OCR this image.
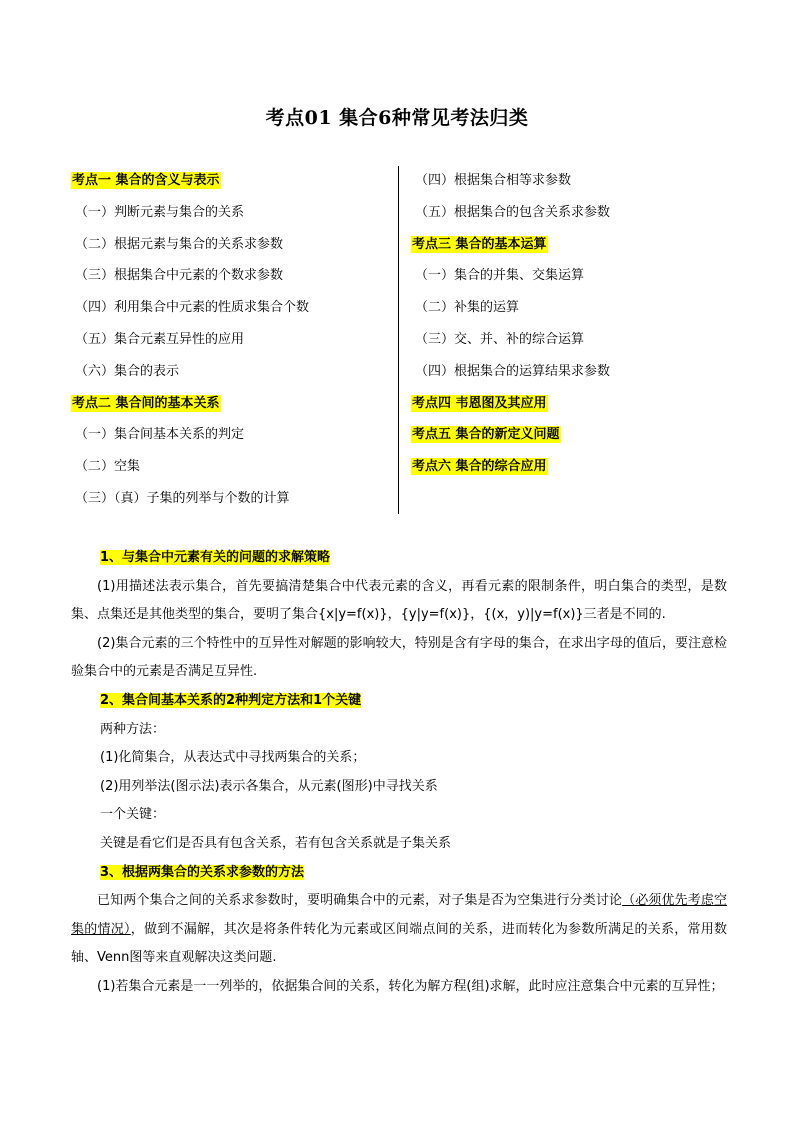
考点01 集合6种常见考法归类
考点一 集合的含义与表示
（一）判断元素与集合的关系
（二）根据元素与集合的关系求参数
（三）根据集合中元素的个数求参数
（四）利用集合中元素的性质求集合个数
（五）集合元素互异性的应用
（六）集合的表示
考点二 集合间的基本关系
（一）集合间基本关系的判定
（二）空集
（三）（真）子集的列举与个数的计算
（四）根据集合相等求参数
（五）根据集合的包含关系求参数
考点三 集合的基本运算
（一）集合的并集、交集运算
（二）补集的运算
（三）交、并、补的综合运算
（四）根据集合的运算结果求参数
考点四 韦恩图及其应用
考点五 集合的新定义问题
考点六 集合的综合应用

1、与集合中元素有关的问题的求解策略

(1)用描述法表示集合，首先要搞清楚集合中代表元素的含义，再看元素的限制条件，明白集合的类型，是数集、点集还是其他类型的集合，要明了集合{x|y=f(x)}，{y|y=f(x)}，{(x，y)|y=f(x)}三者是不同的.

(2)集合元素的三个特性中的互异性对解题的影响较大，特别是含有字母的集合，在求出字母的值后，要注意检验集合中的元素是否满足互异性.

2、集合间基本关系的2种判定方法和1个关键

两种方法：

(1)化简集合，从表达式中寻找两集合的关系；

(2)用列举法(图示法)表示各集合，从元素(图形)中寻找关系

一个关键：

关键是看它们是否具有包含关系，若有包含关系就是子集关系

3、根据两集合的关系求参数的方法

已知两个集合之间的关系求参数时，要明确集合中的元素，对子集是否为空集进行分类讨论（必须优先考虑空集的情况），做到不漏解，其次是将条件转化为元素或区间端点间的关系，进而转化为参数所满足的关系，常用数轴、Venn图等来直观解决这类问题.

(1)若集合元素是一一列举的，依据集合间的关系，转化为解方程(组)求解，此时应注意集合中元素的互异性；
